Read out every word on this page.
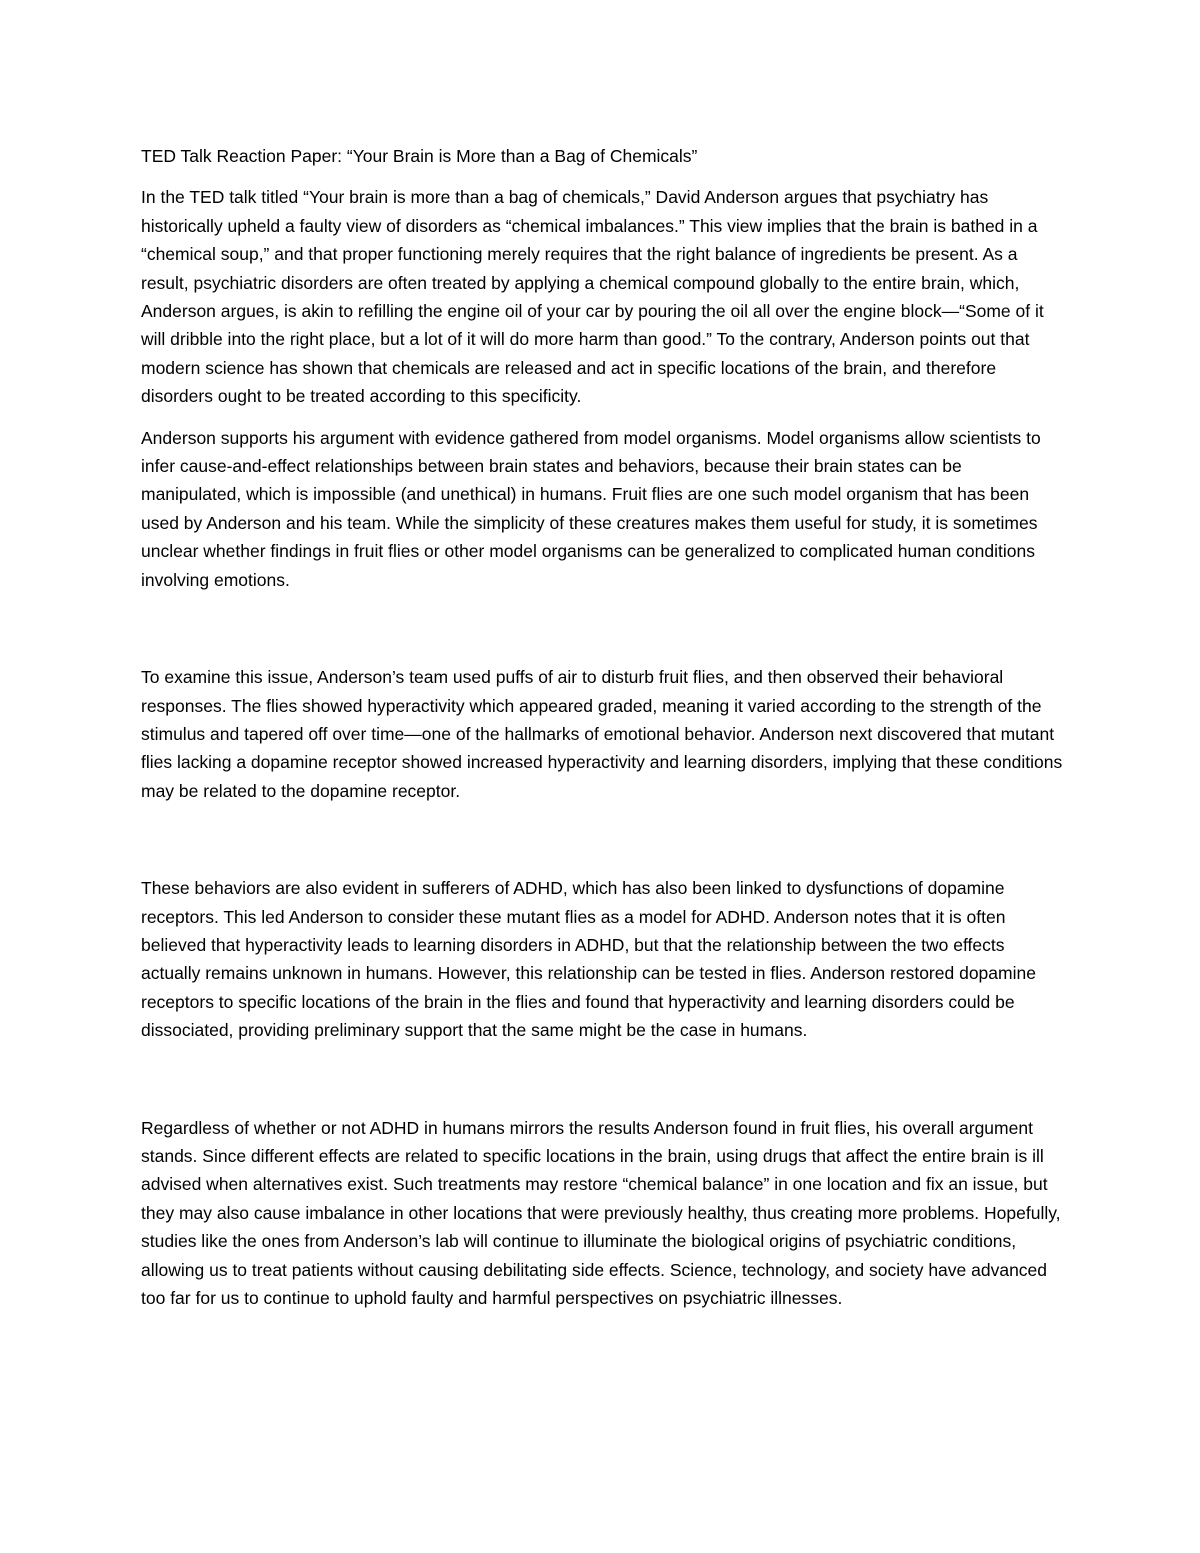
TED Talk Reaction Paper: “Your Brain is More than a Bag of Chemicals”

In the TED talk titled “Your brain is more than a bag of chemicals,” David Anderson argues that psychiatry has historically upheld a faulty view of disorders as “chemical imbalances.” This view implies that the brain is bathed in a “chemical soup,” and that proper functioning merely requires that the right balance of ingredients be present. As a result, psychiatric disorders are often treated by applying a chemical compound globally to the entire brain, which, Anderson argues, is akin to refilling the engine oil of your car by pouring the oil all over the engine block—“Some of it will dribble into the right place, but a lot of it will do more harm than good.” To the contrary, Anderson points out that modern science has shown that chemicals are released and act in specific locations of the brain, and therefore disorders ought to be treated according to this specificity.

Anderson supports his argument with evidence gathered from model organisms. Model organisms allow scientists to infer cause-and-effect relationships between brain states and behaviors, because their brain states can be manipulated, which is impossible (and unethical) in humans. Fruit flies are one such model organism that has been used by Anderson and his team. While the simplicity of these creatures makes them useful for study, it is sometimes unclear whether findings in fruit flies or other model organisms can be generalized to complicated human conditions involving emotions.

To examine this issue, Anderson’s team used puffs of air to disturb fruit flies, and then observed their behavioral responses. The flies showed hyperactivity which appeared graded, meaning it varied according to the strength of the stimulus and tapered off over time—one of the hallmarks of emotional behavior. Anderson next discovered that mutant flies lacking a dopamine receptor showed increased hyperactivity and learning disorders, implying that these conditions may be related to the dopamine receptor.

These behaviors are also evident in sufferers of ADHD, which has also been linked to dysfunctions of dopamine receptors. This led Anderson to consider these mutant flies as a model for ADHD. Anderson notes that it is often believed that hyperactivity leads to learning disorders in ADHD, but that the relationship between the two effects actually remains unknown in humans. However, this relationship can be tested in flies. Anderson restored dopamine receptors to specific locations of the brain in the flies and found that hyperactivity and learning disorders could be dissociated, providing preliminary support that the same might be the case in humans.

Regardless of whether or not ADHD in humans mirrors the results Anderson found in fruit flies, his overall argument stands. Since different effects are related to specific locations in the brain, using drugs that affect the entire brain is ill advised when alternatives exist. Such treatments may restore “chemical balance” in one location and fix an issue, but they may also cause imbalance in other locations that were previously healthy, thus creating more problems. Hopefully, studies like the ones from Anderson’s lab will continue to illuminate the biological origins of psychiatric conditions, allowing us to treat patients without causing debilitating side effects. Science, technology, and society have advanced too far for us to continue to uphold faulty and harmful perspectives on psychiatric illnesses.
